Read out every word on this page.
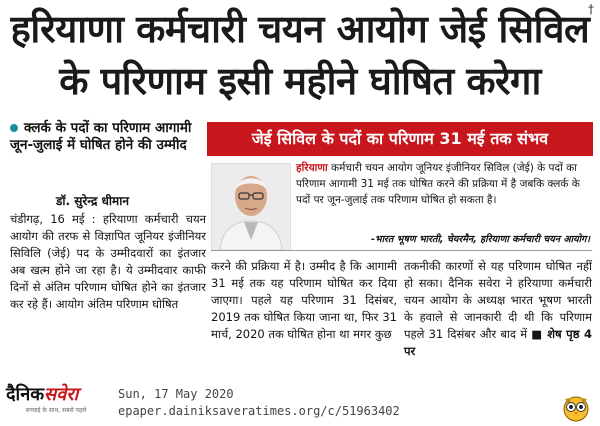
हरियाणा कर्मचारी चयन आयोग जेई सिविल
के परिणाम इसी महीने घोषित करेगा
†
क्लर्क के पदों का परिणाम आगामी जून-जुलाई में घोषित होने की उम्मीद
डॉ. सुरेन्द्र धीमान
चंडीगढ़, 16 मई : हरियाणा कर्मचारी चयन आयोग की तरफ से विज्ञापित जूनियर इंजीनियर सिविलि (जेई) पद के उम्मीदवारों का इंतजार अब खत्म होने जा रहा है। ये उम्मीदवार काफी दिनों से अंतिम परिणाम घोषित होने का इंतजार कर रहे हैं। आयोग अंतिम परिणाम घोषित
जेई सिविल के पदों का परिणाम 31 मई तक संभव
हरियाणा कर्मचारी चयन आयोग जूनियर इंजीनियर सिविल (जेई) के पदों का परिणाम आगामी 31 मई तक घोषित करने की प्रक्रिया में है जबकि क्लर्क के पदों पर जून-जुलाई तक परिणाम घोषित हो सकता है।
-भारत भूषण भारती, चेयरमैन, हरियाणा कर्मचारी चयन आयोग।
करने की प्रक्रिया में है। उम्मीद है कि आगामी 31 मई तक यह परिणाम घोषित कर दिया जाएगा। पहले यह परिणाम 31 दिसंबर, 2019 तक घोषित किया जाना था, फिर 31 मार्च, 2020 तक घोषित होना था मगर कुछ
तकनीकी कारणों से यह परिणाम घोषित नहीं हो सका। दैनिक सवेरा ने हरियाणा कर्मचारी चयन आयोग के अध्यक्ष भारत भूषण भारती के हवाले से जानकारी दी थी कि परिणाम पहले 31 दिसंबर और बाद में ■ शेष पृष्ठ 4 पर
दैनिकसवेरा
सच्चाई के साथ, सबसे पहले
Sun, 17 May 2020
epaper.dainiksaveratimes.org/c/51963402
